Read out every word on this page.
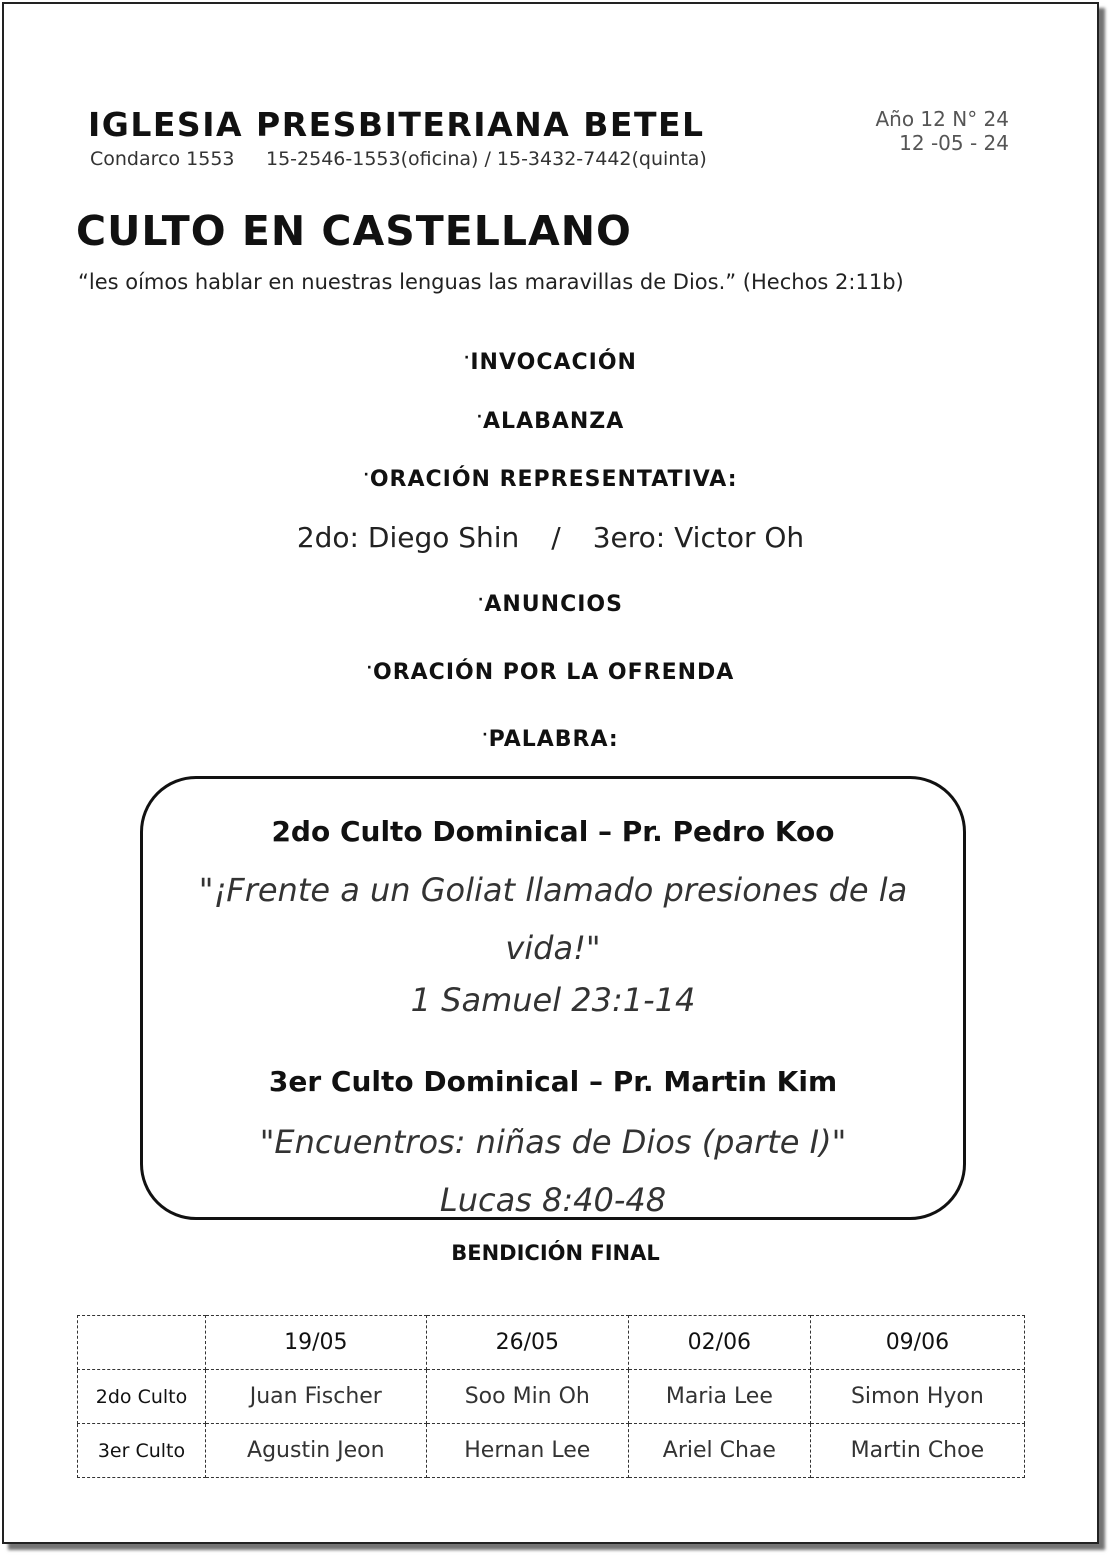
IGLESIA PRESBITERIANA BETEL
Condarco 1553 15-2546-1553(oficina) / 15-3432-7442(quinta)
Año 12 N° 24
12 -05 - 24
CULTO EN CASTELLANO
“les oímos hablar en nuestras lenguas las maravillas de Dios.” (Hechos 2:11b)
·INVOCACIÓN
·ALABANZA
·ORACIÓN REPRESENTATIVA:
2do: Diego Shin / 3ero: Victor Oh
·ANUNCIOS
·ORACIÓN POR LA OFRENDA
·PALABRA:
2do Culto Dominical – Pr. Pedro Koo
"¡Frente a un Goliat llamado presiones de la
vida!"
1 Samuel 23:1-14
3er Culto Dominical – Pr. Martin Kim
"Encuentros: niñas de Dios (parte I)"
Lucas 8:40-48
BENDICIÓN FINAL
	19/05	26/05	02/06	09/06
2do Culto	Juan Fischer	Soo Min Oh	Maria Lee	Simon Hyon
3er Culto	Agustin Jeon	Hernan Lee	Ariel Chae	Martin Choe
